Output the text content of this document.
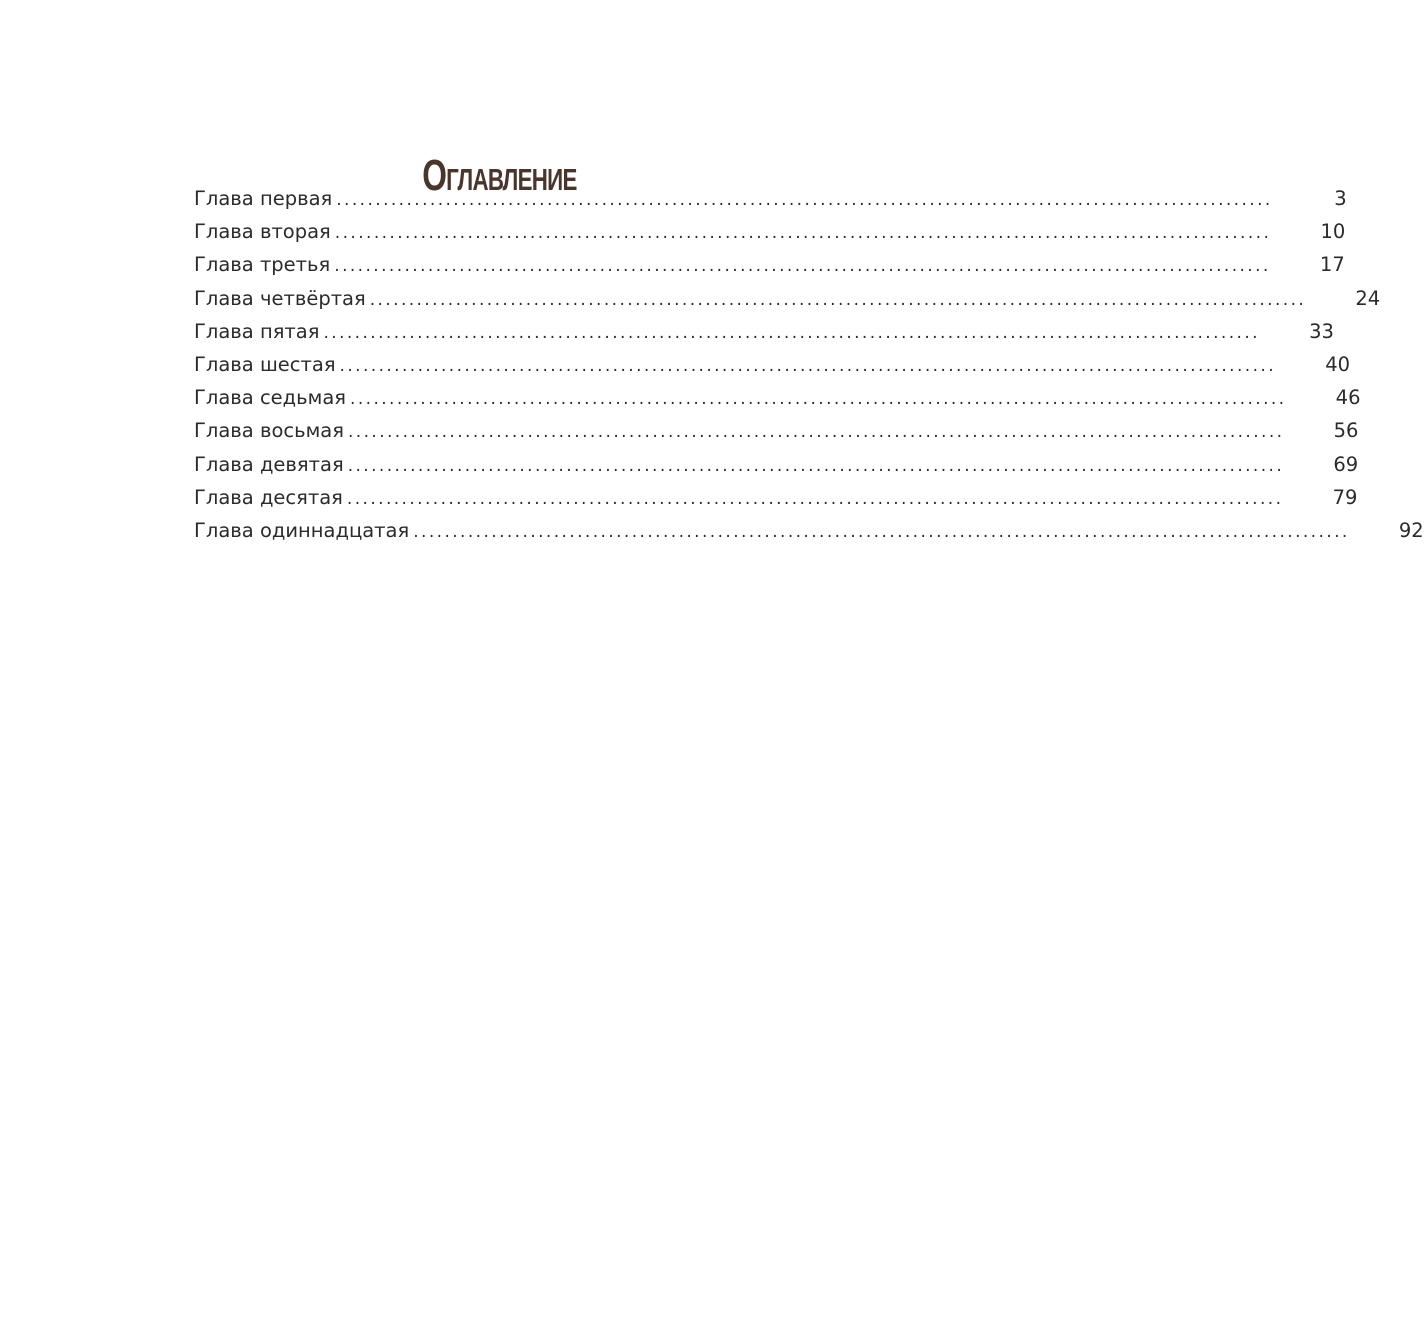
Оглавление
Глава первая ........................................................................................................................	3
Глава вторая ........................................................................................................................	10
Глава третья ........................................................................................................................	17
Глава четвёртая ........................................................................................................................	24
Глава пятая ........................................................................................................................	33
Глава шестая ........................................................................................................................	40
Глава седьмая ........................................................................................................................	46
Глава восьмая ........................................................................................................................	56
Глава девятая ........................................................................................................................	69
Глава десятая ........................................................................................................................	79
Глава одиннадцатая ........................................................................................................................	92
